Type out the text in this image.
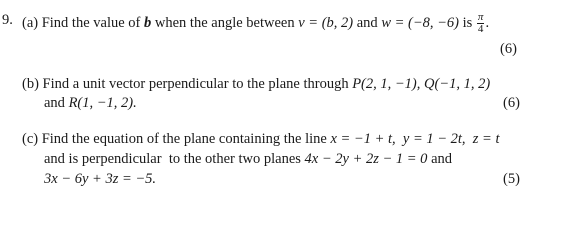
9. (a) Find the value of b when the angle between v = (b, 2) and w = (−8, −6) is $\frac{\pi}{4}$ .
(6)
(b) Find a unit vector perpendicular to the plane through P(2, 1, −1), Q(−1, 1, 2)
and R(1, −1, 2).	(6)
(c) Find the equation of the plane containing the line x = −1 + t,  y = 1 − 2t,  z = t
and is perpendicular  to the other two planes 4x − 2y + 2z − 1 = 0 and
3x − 6y + 3z = −5.	(5)
